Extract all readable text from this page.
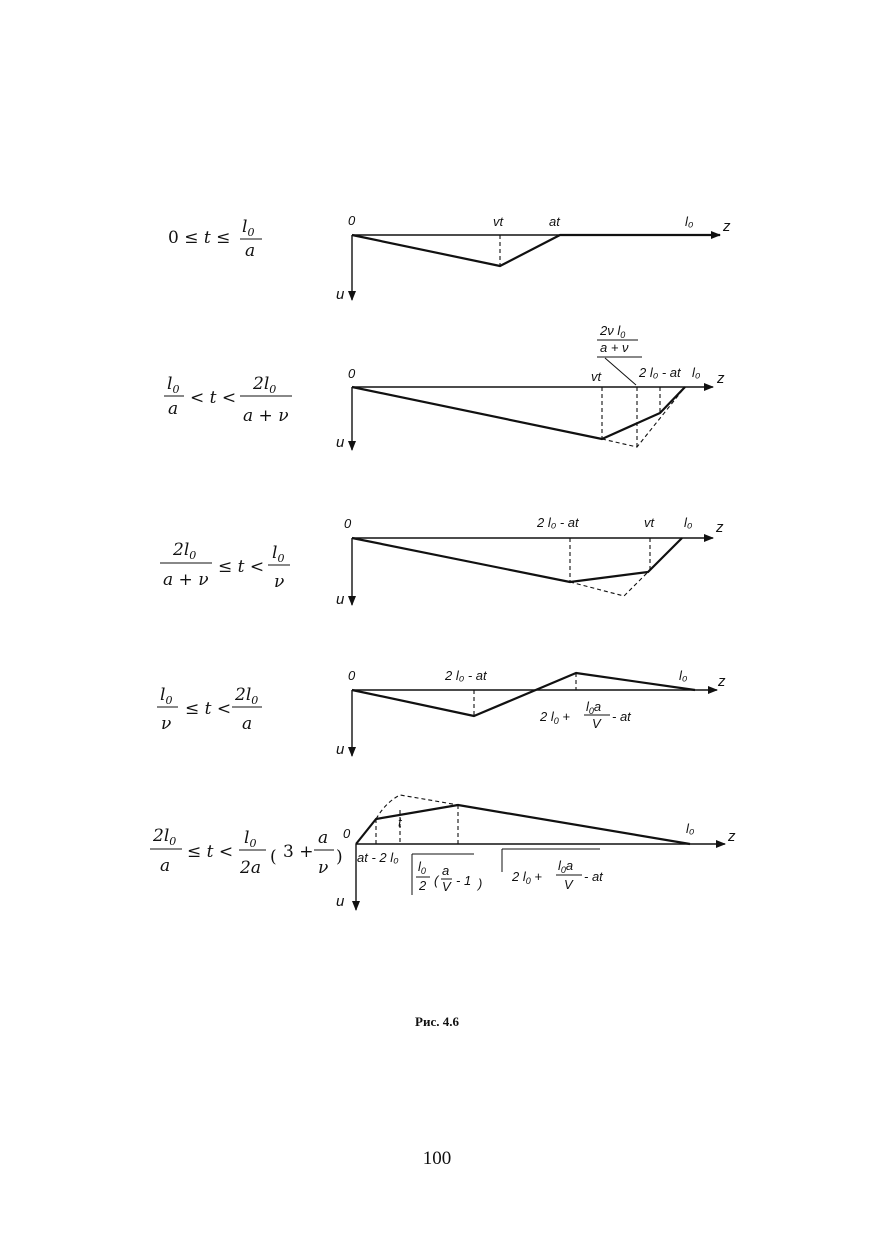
0 ≤ t ≤
$l_0$
a
0	z
u
vt	at	l₀
$l_0$
a
< t <
$2l_0$
a + ν
0	z
u
vt	2 l₀ - at l₀
2ν $l_0$
a + ν
$2l_0$
a + ν
≤ t <
$l_0$
ν
0	z
u
2 l₀ - at	vt l₀
$l_0$
ν
≤ t <
$2l_0$
a
0	z
u
2 l₀ - at	l₀
2 $l_0$ +
$l_0a$
V - at
$2l_0$
a
≤ t <
$l_0$
2a
( 3 +
a
ν
)
0	z
u
t	l₀
at - 2 l₀
$l_0$
2 (
a
V - 1 ) 2 $l_0$ +
$l_0a$
V
- at
Рис. 4.6
100
